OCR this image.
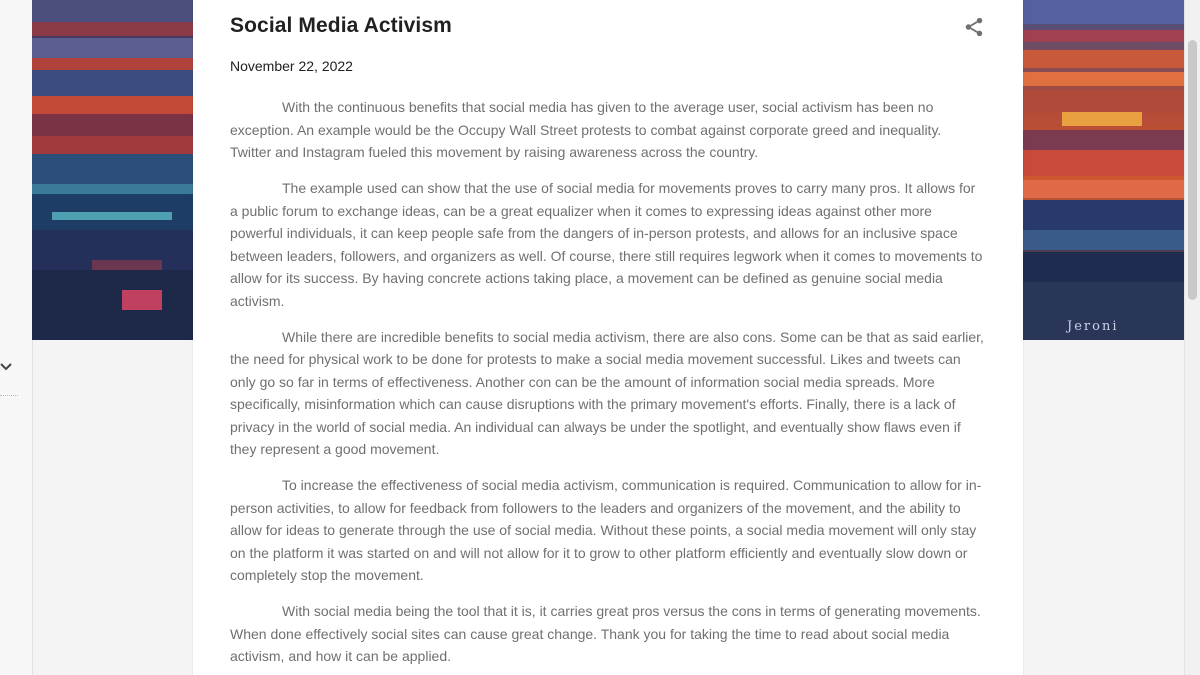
Jeroni
Social Media Activism
November 22, 2022

With the continuous benefits that social media has given to the average user, social activism has been no exception. An example would be the Occupy Wall Street protests to combat against corporate greed and inequality. Twitter and Instagram fueled this movement by raising awareness across the country.

The example used can show that the use of social media for movements proves to carry many pros. It allows for a public forum to exchange ideas, can be a great equalizer when it comes to expressing ideas against other more powerful individuals, it can keep people safe from the dangers of in-person protests, and allows for an inclusive space between leaders, followers, and organizers as well. Of course, there still requires legwork when it comes to movements to allow for its success. By having concrete actions taking place, a movement can be defined as genuine social media activism.

While there are incredible benefits to social media activism, there are also cons. Some can be that as said earlier, the need for physical work to be done for protests to make a social media movement successful. Likes and tweets can only go so far in terms of effectiveness. Another con can be the amount of information social media spreads. More specifically, misinformation which can cause disruptions with the primary movement's efforts. Finally, there is a lack of privacy in the world of social media. An individual can always be under the spotlight, and eventually show flaws even if they represent a good movement.

To increase the effectiveness of social media activism, communication is required. Communication to allow for in-person activities, to allow for feedback from followers to the leaders and organizers of the movement, and the ability to allow for ideas to generate through the use of social media. Without these points, a social media movement will only stay on the platform it was started on and will not allow for it to grow to other platform efficiently and eventually slow down or completely stop the movement.

With social media being the tool that it is, it carries great pros versus the cons in terms of generating movements. When done effectively social sites can cause great change. Thank you for taking the time to read about social media activism, and how it can be applied.
